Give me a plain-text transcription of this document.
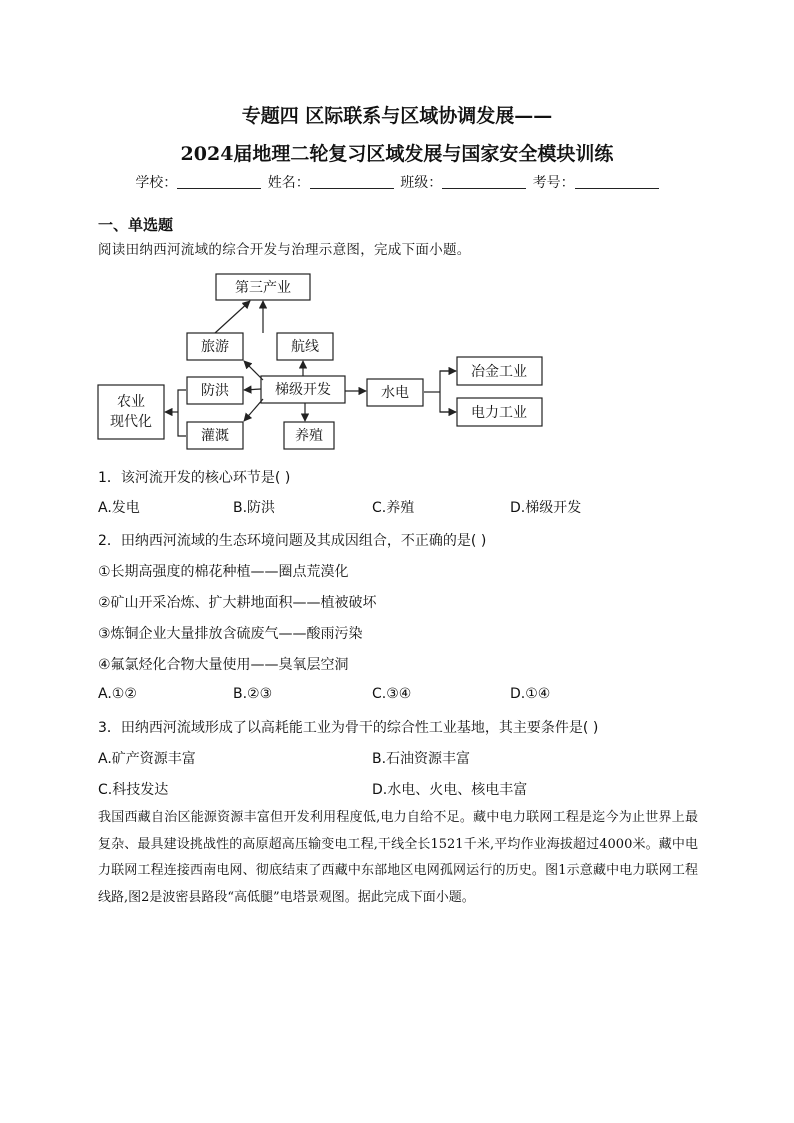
专题四 区际联系与区域协调发展——
2024届地理二轮复习区域发展与国家安全模块训练
学校：	姓名：	班级：	考号：
一、单选题
阅读田纳西河流域的综合开发与治理示意图，完成下面小题。
第三产业
旅游	航线
防洪	梯级开发	水电
冶金工业
电力工业
农业
现代化
灌溉	养殖
1．该河流开发的核心环节是( )
A.发电	B.防洪	C.养殖	D.梯级开发
2．田纳西河流域的生态环境问题及其成因组合，不正确的是( )
①长期高强度的棉花种植——圈点荒漠化
②矿山开采冶炼、扩大耕地面积——植被破坏
③炼铜企业大量排放含硫废气——酸雨污染
④氟氯烃化合物大量使用——臭氧层空洞
A.①②	B.②③	C.③④	D.①④
3．田纳西河流域形成了以高耗能工业为骨干的综合性工业基地，其主要条件是( )
A.矿产资源丰富	B.石油资源丰富
C.科技发达	D.水电、火电、核电丰富
我国西藏自治区能源资源丰富但开发利用程度低,电力自给不足。藏中电力联网工程是迄今为止世界上最复杂、最具建设挑战性的高原超高压输变电工程,干线全长1521千米,平均作业海拔超过4000米。藏中电力联网工程连接西南电网、彻底结束了西藏中东部地区电网孤网运行的历史。图1示意藏中电力联网工程线路,图2是波密县路段“高低腿”电塔景观图。据此完成下面小题。
